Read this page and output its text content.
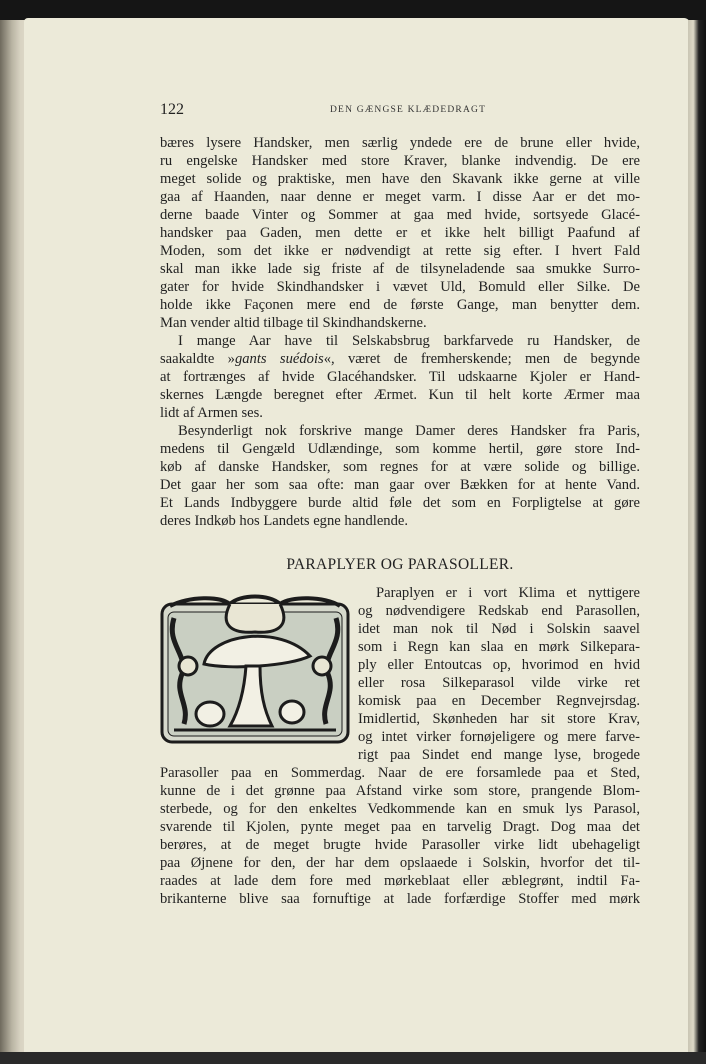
122	DEN GÆNGSE KLÆDEDRAGT
bæres lysere Handsker, men særlig yndede ere de brune eller hvide,
ru engelske Handsker med store Kraver, blanke indvendig. De ere
meget solide og praktiske, men have den Skavank ikke gerne at ville
gaa af Haanden, naar denne er meget varm. I disse Aar er det mo-
derne baade Vinter og Sommer at gaa med hvide, sortsyede Glacé-
handsker paa Gaden, men dette er et ikke helt billigt Paafund af
Moden, som det ikke er nødvendigt at rette sig efter. I hvert Fald
skal man ikke lade sig friste af de tilsyneladende saa smukke Surro-
gater for hvide Skindhandsker i vævet Uld, Bomuld eller Silke. De
holde ikke Façonen mere end de første Gange, man benytter dem.
Man vender altid tilbage til Skindhandskerne.
I mange Aar have til Selskabsbrug barkfarvede ru Handsker, de
saakaldte »gants suédois«, været de fremherskende; men de begynde
at fortrænges af hvide Glacéhandsker. Til udskaarne Kjoler er Hand-
skernes Længde beregnet efter Ærmet. Kun til helt korte Ærmer maa
lidt af Armen ses.
Besynderligt nok forskrive mange Damer deres Handsker fra Paris,
medens til Gengæld Udlændinge, som komme hertil, gøre store Ind-
køb af danske Handsker, som regnes for at være solide og billige.
Det gaar her som saa ofte: man gaar over Bækken for at hente Vand.
Et Lands Indbyggere burde altid føle det som en Forpligtelse at gøre
deres Indkøb hos Landets egne handlende.
PARAPLYER OG PARASOLLER.
Paraplyen er i vort Klima et nyttigere
og nødvendigere Redskab end Parasollen,
idet man nok til Nød i Solskin saavel
som i Regn kan slaa en mørk Silkepara-
ply eller Entoutcas op, hvorimod en hvid
eller rosa Silkeparasol vilde virke ret
komisk paa en December Regnvejrsdag.
Imidlertid, Skønheden har sit store Krav,
og intet virker fornøjeligere og mere farve-
rigt paa Sindet end mange lyse, brogede
Parasoller paa en Sommerdag. Naar de ere forsamlede paa et Sted,
kunne de i det grønne paa Afstand virke som store, prangende Blom-
sterbede, og for den enkeltes Vedkommende kan en smuk lys Parasol,
svarende til Kjolen, pynte meget paa en tarvelig Dragt. Dog maa det
berøres, at de meget brugte hvide Parasoller virke lidt ubehageligt
paa Øjnene for den, der har dem opslaaede i Solskin, hvorfor det til-
raades at lade dem fore med mørkeblaat eller æblegrønt, indtil Fa-
brikanterne blive saa fornuftige at lade forfærdige Stoffer med mørk
